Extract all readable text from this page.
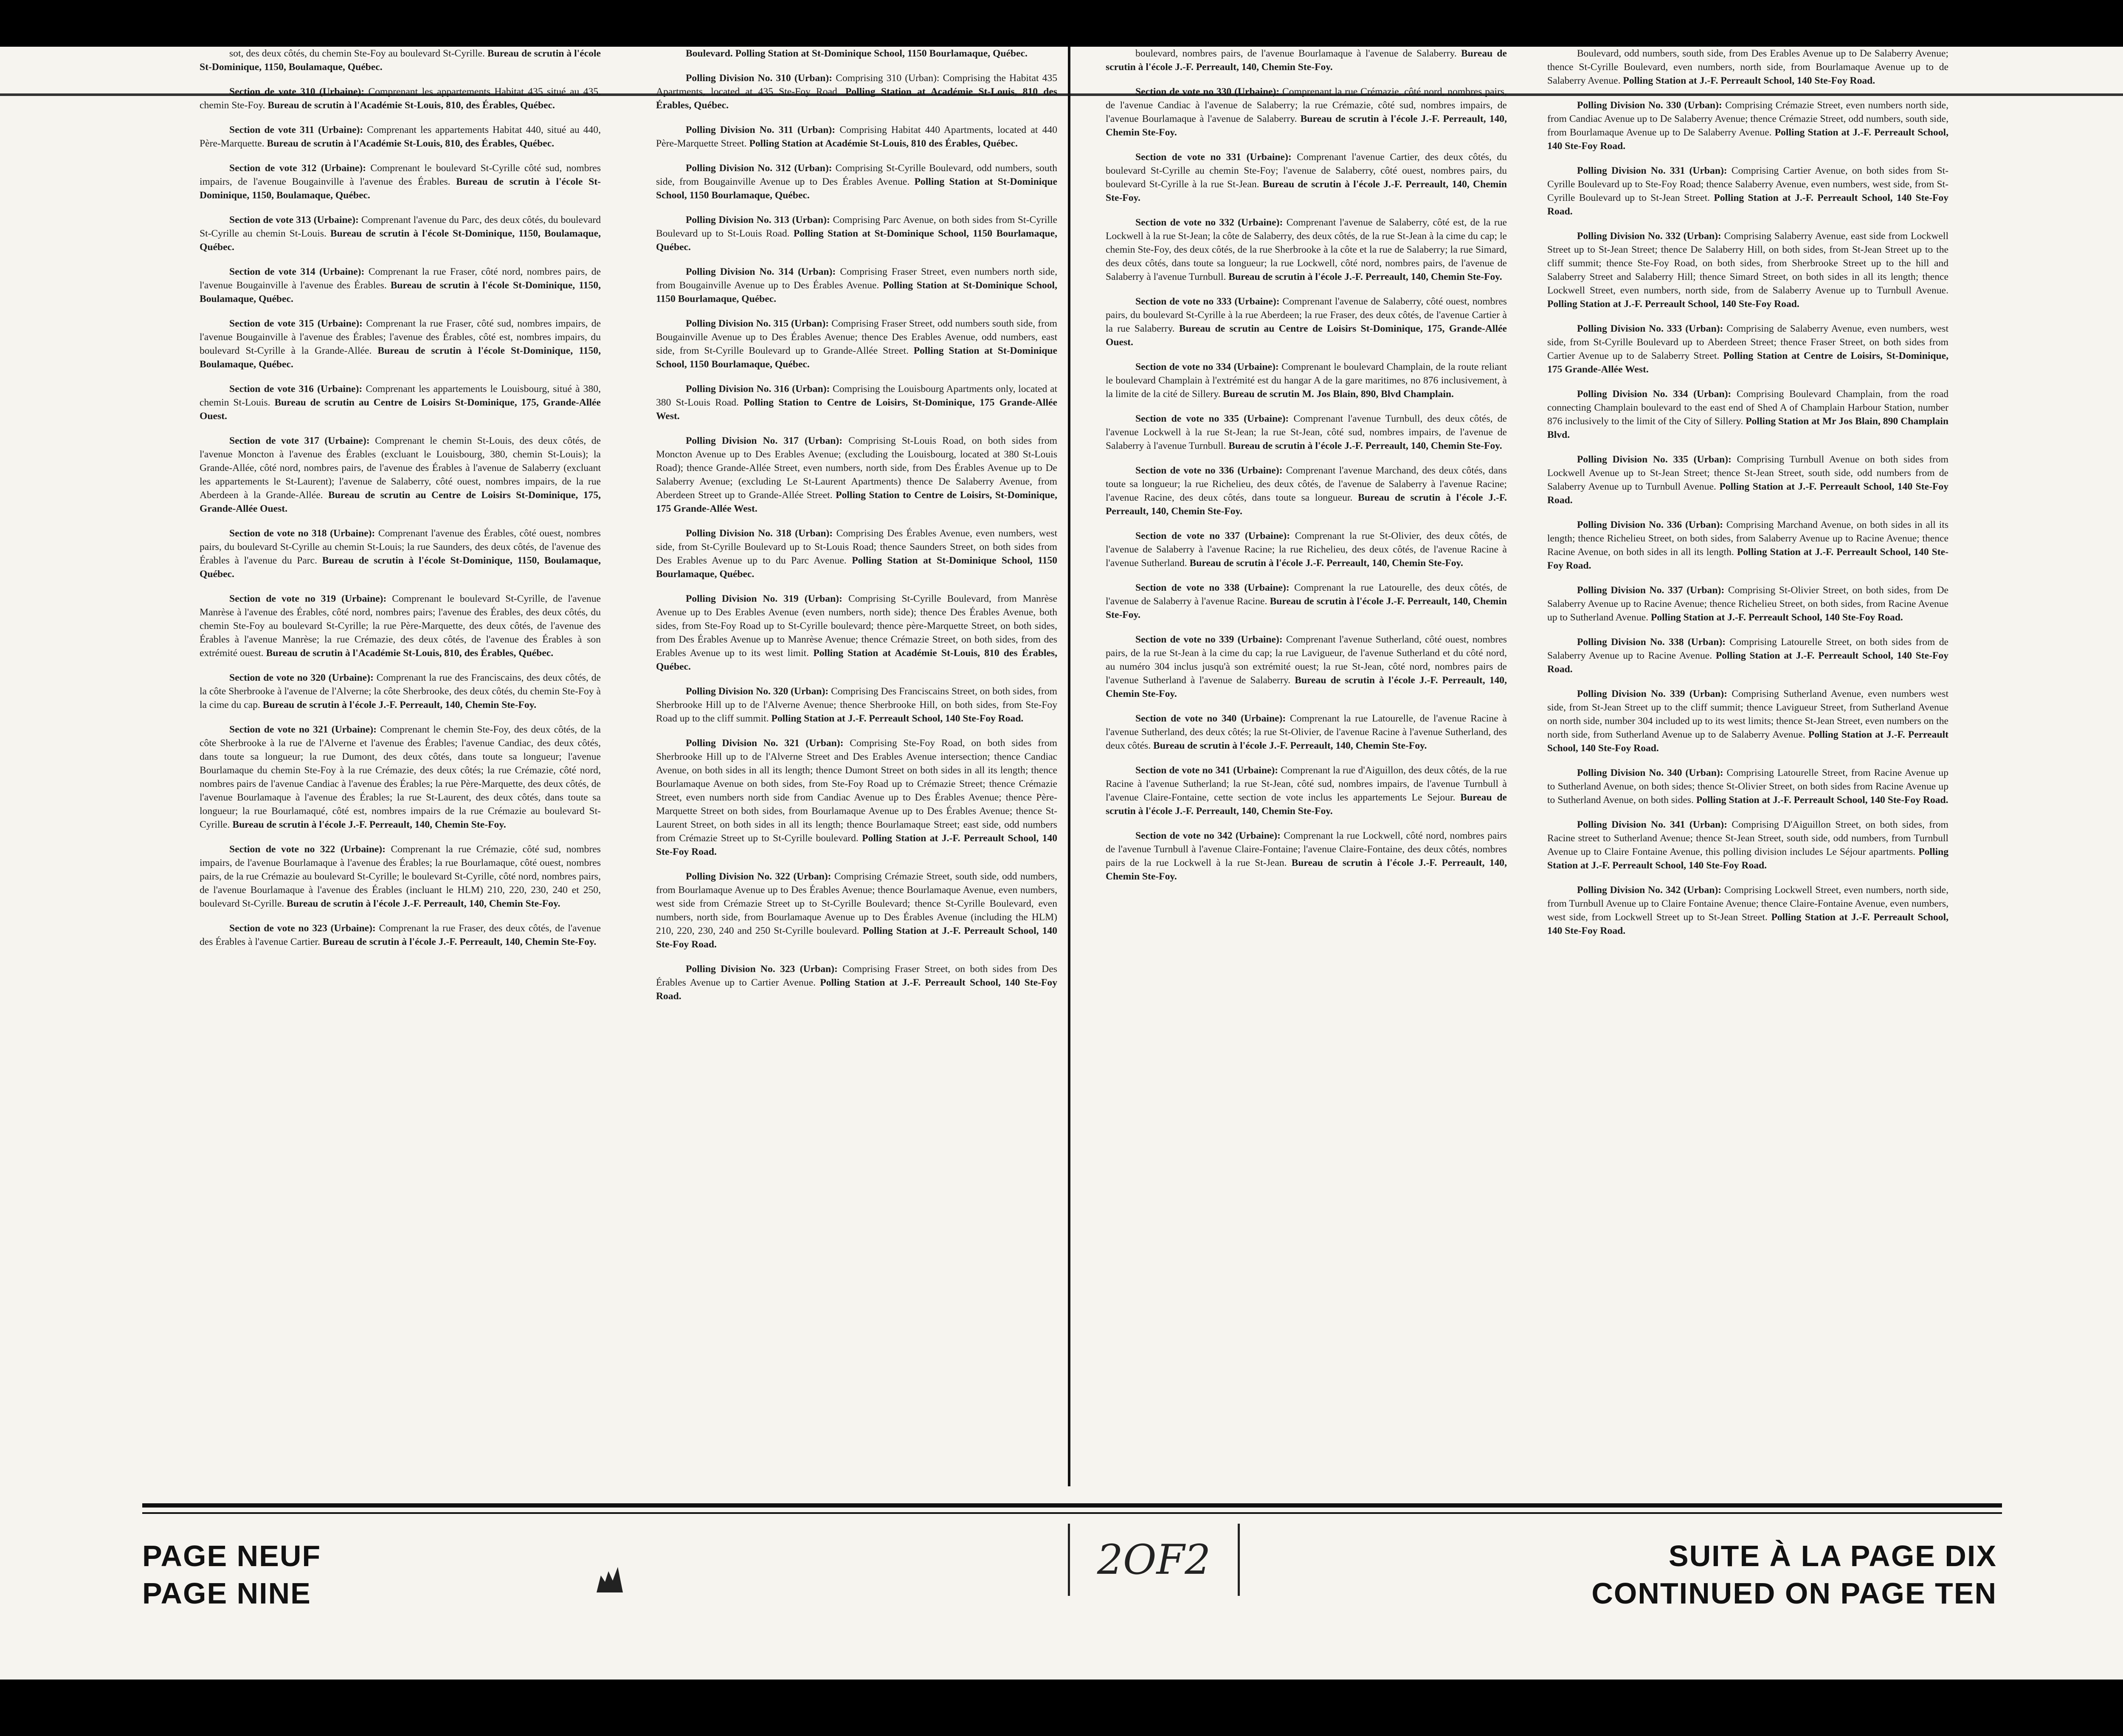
sot, des deux côtés, du chemin Ste-Foy au boulevard St-Cyrille. Bureau de scrutin à l'école St-Dominique, 1150, Boulamaque, Québec.

Section de vote 310 (Urbaine): Comprenant les appartements Habitat 435 situé au 435, chemin Ste-Foy. Bureau de scrutin à l'Académie St-Louis, 810, des Érables, Québec.

Section de vote 311 (Urbaine): Comprenant les appartements Habitat 440, situé au 440, Père-Marquette. Bureau de scrutin à l'Académie St-Louis, 810, des Érables, Québec.

Section de vote 312 (Urbaine): Comprenant le boulevard St-Cyrille côté sud, nombres impairs, de l'avenue Bougainville à l'avenue des Érables. Bureau de scrutin à l'école St-Dominique, 1150, Boulamaque, Québec.

Section de vote 313 (Urbaine): Comprenant l'avenue du Parc, des deux côtés, du boulevard St-Cyrille au chemin St-Louis. Bureau de scrutin à l'école St-Dominique, 1150, Boulamaque, Québec.

Section de vote 314 (Urbaine): Comprenant la rue Fraser, côté nord, nombres pairs, de l'avenue Bougainville à l'avenue des Érables. Bureau de scrutin à l'école St-Dominique, 1150, Boulamaque, Québec.

Section de vote 315 (Urbaine): Comprenant la rue Fraser, côté sud, nombres impairs, de l'avenue Bougainville à l'avenue des Érables; l'avenue des Érables, côté est, nombres impairs, du boulevard St-Cyrille à la Grande-Allée. Bureau de scrutin à l'école St-Dominique, 1150, Boulamaque, Québec.

Section de vote 316 (Urbaine): Comprenant les appartements le Louisbourg, situé à 380, chemin St-Louis. Bureau de scrutin au Centre de Loisirs St-Dominique, 175, Grande-Allée Ouest.

Section de vote 317 (Urbaine): Comprenant le chemin St-Louis, des deux côtés, de l'avenue Moncton à l'avenue des Érables (excluant le Louisbourg, 380, chemin St-Louis); la Grande-Allée, côté nord, nombres pairs, de l'avenue des Érables à l'avenue de Salaberry (excluant les appartements le St-Laurent); l'avenue de Salaberry, côté ouest, nombres impairs, de la rue Aberdeen à la Grande-Allée. Bureau de scrutin au Centre de Loisirs St-Dominique, 175, Grande-Allée Ouest.

Section de vote no 318 (Urbaine): Comprenant l'avenue des Érables, côté ouest, nombres pairs, du boulevard St-Cyrille au chemin St-Louis; la rue Saunders, des deux côtés, de l'avenue des Érables à l'avenue du Parc. Bureau de scrutin à l'école St-Dominique, 1150, Boulamaque, Québec.

Section de vote no 319 (Urbaine): Comprenant le boulevard St-Cyrille, de l'avenue Manrèse à l'avenue des Érables, côté nord, nombres pairs; l'avenue des Érables, des deux côtés, du chemin Ste-Foy au boulevard St-Cyrille; la rue Père-Marquette, des deux côtés, de l'avenue des Érables à l'avenue Manrèse; la rue Crémazie, des deux côtés, de l'avenue des Érables à son extrémité ouest. Bureau de scrutin à l'Académie St-Louis, 810, des Érables, Québec.

Section de vote no 320 (Urbaine): Comprenant la rue des Franciscains, des deux côtés, de la côte Sherbrooke à l'avenue de l'Alverne; la côte Sherbrooke, des deux côtés, du chemin Ste-Foy à la cime du cap. Bureau de scrutin à l'école J.-F. Perreault, 140, Chemin Ste-Foy.

Section de vote no 321 (Urbaine): Comprenant le chemin Ste-Foy, des deux côtés, de la côte Sherbrooke à la rue de l'Alverne et l'avenue des Érables; l'avenue Candiac, des deux côtés, dans toute sa longueur; la rue Dumont, des deux côtés, dans toute sa longueur; l'avenue Bourlamaque du chemin Ste-Foy à la rue Crémazie, des deux côtés; la rue Crémazie, côté nord, nombres pairs de l'avenue Candiac à l'avenue des Érables; la rue Père-Marquette, des deux côtés, de l'avenue Bourlamaque à l'avenue des Érables; la rue St-Laurent, des deux côtés, dans toute sa longueur; la rue Bourlamaqué, côté est, nombres impairs de la rue Crémazie au boulevard St-Cyrille. Bureau de scrutin à l'école J.-F. Perreault, 140, Chemin Ste-Foy.

Section de vote no 322 (Urbaine): Comprenant la rue Crémazie, côté sud, nombres impairs, de l'avenue Bourlamaque à l'avenue des Érables; la rue Bourlamaque, côté ouest, nombres pairs, de la rue Crémazie au boulevard St-Cyrille; le boulevard St-Cyrille, côté nord, nombres pairs, de l'avenue Bourlamaque à l'avenue des Érables (incluant le HLM) 210, 220, 230, 240 et 250, boulevard St-Cyrille. Bureau de scrutin à l'école J.-F. Perreault, 140, Chemin Ste-Foy.

Section de vote no 323 (Urbaine): Comprenant la rue Fraser, des deux côtés, de l'avenue des Érables à l'avenue Cartier. Bureau de scrutin à l'école J.-F. Perreault, 140, Chemin Ste-Foy.

Boulevard. Polling Station at St-Dominique School, 1150 Bourlamaque, Québec.

Polling Division No. 310 (Urban): Comprising 310 (Urban): Comprising the Habitat 435 Apartments, located at 435 Ste-Foy Road. Polling Station at Académie St-Louis, 810 des Érables, Québec.

Polling Division No. 311 (Urban): Comprising Habitat 440 Apartments, located at 440 Père-Marquette Street. Polling Station at Académie St-Louis, 810 des Érables, Québec.

Polling Division No. 312 (Urban): Comprising St-Cyrille Boulevard, odd numbers, south side, from Bougainville Avenue up to Des Érables Avenue. Polling Station at St-Dominique School, 1150 Bourlamaque, Québec.

Polling Division No. 313 (Urban): Comprising Parc Avenue, on both sides from St-Cyrille Boulevard up to St-Louis Road. Polling Station at St-Dominique School, 1150 Bourlamaque, Québec.

Polling Division No. 314 (Urban): Comprising Fraser Street, even numbers north side, from Bougainville Avenue up to Des Érables Avenue. Polling Station at St-Dominique School, 1150 Bourlamaque, Québec.

Polling Division No. 315 (Urban): Comprising Fraser Street, odd numbers south side, from Bougainville Avenue up to Des Érables Avenue; thence Des Erables Avenue, odd numbers, east side, from St-Cyrille Boulevard up to Grande-Allée Street. Polling Station at St-Dominique School, 1150 Bourlamaque, Québec.

Polling Division No. 316 (Urban): Comprising the Louisbourg Apartments only, located at 380 St-Louis Road. Polling Station to Centre de Loisirs, St-Dominique, 175 Grande-Allée West.

Polling Division No. 317 (Urban): Comprising St-Louis Road, on both sides from Moncton Avenue up to Des Erables Avenue; (excluding the Louisbourg, located at 380 St-Louis Road); thence Grande-Allée Street, even numbers, north side, from Des Érables Avenue up to De Salaberry Avenue; (excluding Le St-Laurent Apartments) thence De Salaberry Avenue, from Aberdeen Street up to Grande-Allée Street. Polling Station to Centre de Loisirs, St-Dominique, 175 Grande-Allée West.

Polling Division No. 318 (Urban): Comprising Des Érables Avenue, even numbers, west side, from St-Cyrille Boulevard up to St-Louis Road; thence Saunders Street, on both sides from Des Erables Avenue up to du Parc Avenue. Polling Station at St-Dominique School, 1150 Bourlamaque, Québec.

Polling Division No. 319 (Urban): Comprising St-Cyrille Boulevard, from Manrèse Avenue up to Des Erables Avenue (even numbers, north side); thence Des Érables Avenue, both sides, from Ste-Foy Road up to St-Cyrille boulevard; thence père-Marquette Street, on both sides, from Des Érables Avenue up to Manrèse Avenue; thence Crémazie Street, on both sides, from des Erables Avenue up to its west limit. Polling Station at Académie St-Louis, 810 des Érables, Québec.

Polling Division No. 320 (Urban): Comprising Des Franciscains Street, on both sides, from Sherbrooke Hill up to de l'Alverne Avenue; thence Sherbrooke Hill, on both sides, from Ste-Foy Road up to the cliff summit. Polling Station at J.-F. Perreault School, 140 Ste-Foy Road.

Polling Division No. 321 (Urban): Comprising Ste-Foy Road, on both sides from Sherbrooke Hill up to de l'Alverne Street and Des Erables Avenue intersection; thence Candiac Avenue, on both sides in all its length; thence Dumont Street on both sides in all its length; thence Bourlamaque Avenue on both sides, from Ste-Foy Road up to Crémazie Street; thence Crémazie Street, even numbers north side from Candiac Avenue up to Des Érables Avenue; thence Père-Marquette Street on both sides, from Bourlamaque Avenue up to Des Érables Avenue; thence St-Laurent Street, on both sides in all its length; thence Bourlamaque Street; east side, odd numbers from Crémazie Street up to St-Cyrille boulevard. Polling Station at J.-F. Perreault School, 140 Ste-Foy Road.

Polling Division No. 322 (Urban): Comprising Crémazie Street, south side, odd numbers, from Bourlamaque Avenue up to Des Érables Avenue; thence Bourlamaque Avenue, even numbers, west side from Crémazie Street up to St-Cyrille Boulevard; thence St-Cyrille Boulevard, even numbers, north side, from Bourlamaque Avenue up to Des Érables Avenue (including the HLM) 210, 220, 230, 240 and 250 St-Cyrille boulevard. Polling Station at J.-F. Perreault School, 140 Ste-Foy Road.

Polling Division No. 323 (Urban): Comprising Fraser Street, on both sides from Des Érables Avenue up to Cartier Avenue. Polling Station at J.-F. Perreault School, 140 Ste-Foy Road.

boulevard, nombres pairs, de l'avenue Bourlamaque à l'avenue de Salaberry. Bureau de scrutin à l'école J.-F. Perreault, 140, Chemin Ste-Foy.

Section de vote no 330 (Urbaine): Comprenant la rue Crémazie, côté nord, nombres pairs, de l'avenue Candiac à l'avenue de Salaberry; la rue Crémazie, côté sud, nombres impairs, de l'avenue Bourlamaque à l'avenue de Salaberry. Bureau de scrutin à l'école J.-F. Perreault, 140, Chemin Ste-Foy.

Section de vote no 331 (Urbaine): Comprenant l'avenue Cartier, des deux côtés, du boulevard St-Cyrille au chemin Ste-Foy; l'avenue de Salaberry, côté ouest, nombres pairs, du boulevard St-Cyrille à la rue St-Jean. Bureau de scrutin à l'école J.-F. Perreault, 140, Chemin Ste-Foy.

Section de vote no 332 (Urbaine): Comprenant l'avenue de Salaberry, côté est, de la rue Lockwell à la rue St-Jean; la côte de Salaberry, des deux côtés, de la rue St-Jean à la cime du cap; le chemin Ste-Foy, des deux côtés, de la rue Sherbrooke à la côte et la rue de Salaberry; la rue Simard, des deux côtés, dans toute sa longueur; la rue Lockwell, côté nord, nombres pairs, de l'avenue de Salaberry à l'avenue Turnbull. Bureau de scrutin à l'école J.-F. Perreault, 140, Chemin Ste-Foy.

Section de vote no 333 (Urbaine): Comprenant l'avenue de Salaberry, côté ouest, nombres pairs, du boulevard St-Cyrille à la rue Aberdeen; la rue Fraser, des deux côtés, de l'avenue Cartier à la rue Salaberry. Bureau de scrutin au Centre de Loisirs St-Dominique, 175, Grande-Allée Ouest.

Section de vote no 334 (Urbaine): Comprenant le boulevard Champlain, de la route reliant le boulevard Champlain à l'extrémité est du hangar A de la gare maritimes, no 876 inclusivement, à la limite de la cité de Sillery. Bureau de scrutin M. Jos Blain, 890, Blvd Champlain.

Section de vote no 335 (Urbaine): Comprenant l'avenue Turnbull, des deux côtés, de l'avenue Lockwell à la rue St-Jean; la rue St-Jean, côté sud, nombres impairs, de l'avenue de Salaberry à l'avenue Turnbull. Bureau de scrutin à l'école J.-F. Perreault, 140, Chemin Ste-Foy.

Section de vote no 336 (Urbaine): Comprenant l'avenue Marchand, des deux côtés, dans toute sa longueur; la rue Richelieu, des deux côtés, de l'avenue de Salaberry à l'avenue Racine; l'avenue Racine, des deux côtés, dans toute sa longueur. Bureau de scrutin à l'école J.-F. Perreault, 140, Chemin Ste-Foy.

Section de vote no 337 (Urbaine): Comprenant la rue St-Olivier, des deux côtés, de l'avenue de Salaberry à l'avenue Racine; la rue Richelieu, des deux côtés, de l'avenue Racine à l'avenue Sutherland. Bureau de scrutin à l'école J.-F. Perreault, 140, Chemin Ste-Foy.

Section de vote no 338 (Urbaine): Comprenant la rue Latourelle, des deux côtés, de l'avenue de Salaberry à l'avenue Racine. Bureau de scrutin à l'école J.-F. Perreault, 140, Chemin Ste-Foy.

Section de vote no 339 (Urbaine): Comprenant l'avenue Sutherland, côté ouest, nombres pairs, de la rue St-Jean à la cime du cap; la rue Lavigueur, de l'avenue Sutherland et du côté nord, au numéro 304 inclus jusqu'à son extrémité ouest; la rue St-Jean, côté nord, nombres pairs de l'avenue Sutherland à l'avenue de Salaberry. Bureau de scrutin à l'école J.-F. Perreault, 140, Chemin Ste-Foy.

Section de vote no 340 (Urbaine): Comprenant la rue Latourelle, de l'avenue Racine à l'avenue Sutherland, des deux côtés; la rue St-Olivier, de l'avenue Racine à l'avenue Sutherland, des deux côtés. Bureau de scrutin à l'école J.-F. Perreault, 140, Chemin Ste-Foy.

Section de vote no 341 (Urbaine): Comprenant la rue d'Aiguillon, des deux côtés, de la rue Racine à l'avenue Sutherland; la rue St-Jean, côté sud, nombres impairs, de l'avenue Turnbull à l'avenue Claire-Fontaine, cette section de vote inclus les appartements Le Sejour. Bureau de scrutin à l'école J.-F. Perreault, 140, Chemin Ste-Foy.

Section de vote no 342 (Urbaine): Comprenant la rue Lockwell, côté nord, nombres pairs de l'avenue Turnbull à l'avenue Claire-Fontaine; l'avenue Claire-Fontaine, des deux côtés, nombres pairs de la rue Lockwell à la rue St-Jean. Bureau de scrutin à l'école J.-F. Perreault, 140, Chemin Ste-Foy.

Boulevard, odd numbers, south side, from Des Erables Avenue up to De Salaberry Avenue; thence St-Cyrille Boulevard, even numbers, north side, from Bourlamaque Avenue up to de Salaberry Avenue. Polling Station at J.-F. Perreault School, 140 Ste-Foy Road.

Polling Division No. 330 (Urban): Comprising Crémazie Street, even numbers north side, from Candiac Avenue up to De Salaberry Avenue; thence Crémazie Street, odd numbers, south side, from Bourlamaque Avenue up to De Salaberry Avenue. Polling Station at J.-F. Perreault School, 140 Ste-Foy Road.

Polling Division No. 331 (Urban): Comprising Cartier Avenue, on both sides from St-Cyrille Boulevard up to Ste-Foy Road; thence Salaberry Avenue, even numbers, west side, from St-Cyrille Boulevard up to St-Jean Street. Polling Station at J.-F. Perreault School, 140 Ste-Foy Road.

Polling Division No. 332 (Urban): Comprising Salaberry Avenue, east side from Lockwell Street up to St-Jean Street; thence De Salaberry Hill, on both sides, from St-Jean Street up to the cliff summit; thence Ste-Foy Road, on both sides, from Sherbrooke Street up to the hill and Salaberry Street and Salaberry Hill; thence Simard Street, on both sides in all its length; thence Lockwell Street, even numbers, north side, from de Salaberry Avenue up to Turnbull Avenue. Polling Station at J.-F. Perreault School, 140 Ste-Foy Road.

Polling Division No. 333 (Urban): Comprising de Salaberry Avenue, even numbers, west side, from St-Cyrille Boulevard up to Aberdeen Street; thence Fraser Street, on both sides from Cartier Avenue up to de Salaberry Street. Polling Station at Centre de Loisirs, St-Dominique, 175 Grande-Allée West.

Polling Division No. 334 (Urban): Comprising Boulevard Champlain, from the road connecting Champlain boulevard to the east end of Shed A of Champlain Harbour Station, number 876 inclusively to the limit of the City of Sillery. Polling Station at Mr Jos Blain, 890 Champlain Blvd.

Polling Division No. 335 (Urban): Comprising Turnbull Avenue on both sides from Lockwell Avenue up to St-Jean Street; thence St-Jean Street, south side, odd numbers from de Salaberry Avenue up to Turnbull Avenue. Polling Station at J.-F. Perreault School, 140 Ste-Foy Road.

Polling Division No. 336 (Urban): Comprising Marchand Avenue, on both sides in all its length; thence Richelieu Street, on both sides, from Salaberry Avenue up to Racine Avenue; thence Racine Avenue, on both sides in all its length. Polling Station at J.-F. Perreault School, 140 Ste-Foy Road.

Polling Division No. 337 (Urban): Comprising St-Olivier Street, on both sides, from De Salaberry Avenue up to Racine Avenue; thence Richelieu Street, on both sides, from Racine Avenue up to Sutherland Avenue. Polling Station at J.-F. Perreault School, 140 Ste-Foy Road.

Polling Division No. 338 (Urban): Comprising Latourelle Street, on both sides from de Salaberry Avenue up to Racine Avenue. Polling Station at J.-F. Perreault School, 140 Ste-Foy Road.

Polling Division No. 339 (Urban): Comprising Sutherland Avenue, even numbers west side, from St-Jean Street up to the cliff summit; thence Lavigueur Street, from Sutherland Avenue on north side, number 304 included up to its west limits; thence St-Jean Street, even numbers on the north side, from Sutherland Avenue up to de Salaberry Avenue. Polling Station at J.-F. Perreault School, 140 Ste-Foy Road.

Polling Division No. 340 (Urban): Comprising Latourelle Street, from Racine Avenue up to Sutherland Avenue, on both sides; thence St-Olivier Street, on both sides from Racine Avenue up to Sutherland Avenue, on both sides. Polling Station at J.-F. Perreault School, 140 Ste-Foy Road.

Polling Division No. 341 (Urban): Comprising D'Aiguillon Street, on both sides, from Racine street to Sutherland Avenue; thence St-Jean Street, south side, odd numbers, from Turnbull Avenue up to Claire Fontaine Avenue, this polling division includes Le Séjour apartments. Polling Station at J.-F. Perreault School, 140 Ste-Foy Road.

Polling Division No. 342 (Urban): Comprising Lockwell Street, even numbers, north side, from Turnbull Avenue up to Claire Fontaine Avenue; thence Claire-Fontaine Avenue, even numbers, west side, from Lockwell Street up to St-Jean Street. Polling Station at J.-F. Perreault School, 140 Ste-Foy Road.

PAGE NEUF
PAGE NINE
2OF2	SUITE À LA PAGE DIX
CONTINUED ON PAGE TEN
